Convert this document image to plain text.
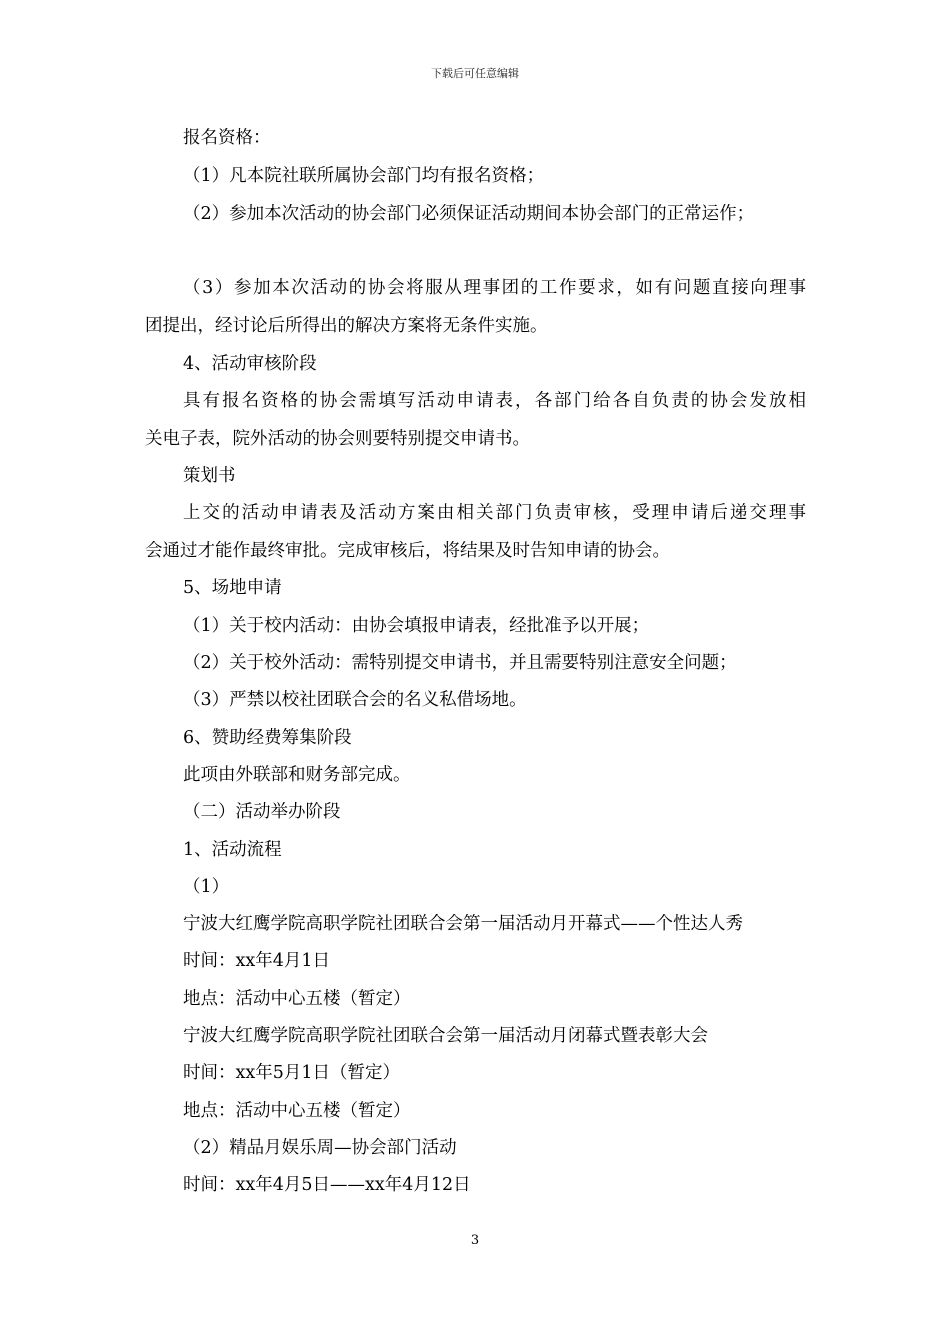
下载后可任意编辑
报名资格：
（1）凡本院社联所属协会部门均有报名资格；
（2）参加本次活动的协会部门必须保证活动期间本协会部门的正常运作；
（3）参加本次活动的协会将服从理事团的工作要求，如有问题直接向理事
团提出，经讨论后所得出的解决方案将无条件实施。
4、活动审核阶段
具有报名资格的协会需填写活动申请表，各部门给各自负责的协会发放相
关电子表，院外活动的协会则要特别提交申请书。
策划书
上交的活动申请表及活动方案由相关部门负责审核，受理申请后递交理事
会通过才能作最终审批。完成审核后，将结果及时告知申请的协会。
5、场地申请
（1）关于校内活动：由协会填报申请表，经批准予以开展；
（2）关于校外活动：需特别提交申请书，并且需要特别注意安全问题；
（3）严禁以校社团联合会的名义私借场地。
6、赞助经费筹集阶段
此项由外联部和财务部完成。
（二）活动举办阶段
1、活动流程
（1）
宁波大红鹰学院高职学院社团联合会第一届活动月开幕式——个性达人秀
时间：xx年4月1日
地点：活动中心五楼（暂定）
宁波大红鹰学院高职学院社团联合会第一届活动月闭幕式暨表彰大会
时间：xx年5月1日（暂定）
地点：活动中心五楼（暂定）
（2）精品月娱乐周—协会部门活动
时间：xx年4月5日——xx年4月12日
3
